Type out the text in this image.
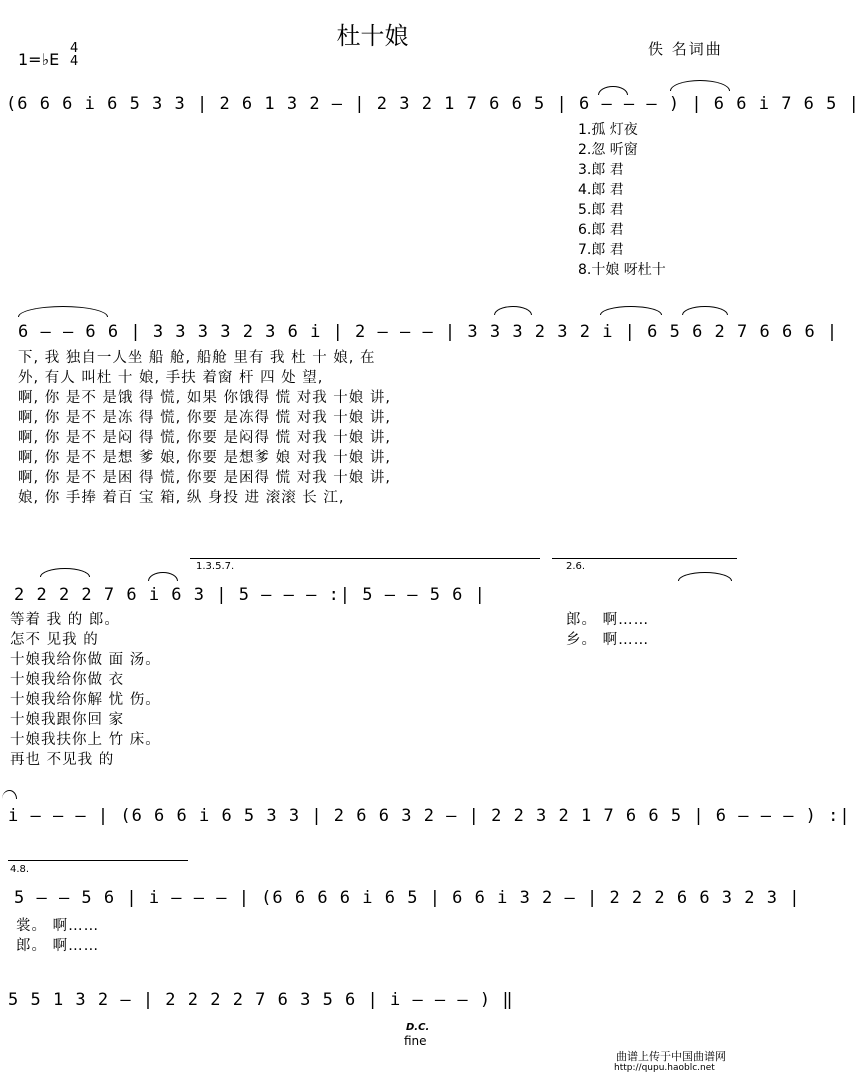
杜十娘
1=♭E
4
4
佚 名词曲
(6 6 6 i 6 5 3 3 | 2 6 1 3 2 – | 2 3 2 1 7 6 6 5 | 6 – – – ) | 6 6 i 7 6 5 |
1.孤 灯夜
2.忽 听窗
3.郎 君
4.郎 君
5.郎 君
6.郎 君
7.郎 君
8.十娘 呀杜十
6 – – 6 6 | 3 3 3 3 2 3 6 i | 2 – – – | 3 3 3 2 3 2 i | 6 5 6 2 7 6 6 6 |
下, 我 独自一人坐 船 舱, 船舱 里有 我 杜 十 娘, 在
外, 有人 叫杜 十 娘, 手扶 着窗 杆 四 处 望,
啊, 你 是不 是饿 得 慌, 如果 你饿得 慌 对我 十娘 讲,
啊, 你 是不 是冻 得 慌, 你要 是冻得 慌 对我 十娘 讲,
啊, 你 是不 是闷 得 慌, 你要 是闷得 慌 对我 十娘 讲,
啊, 你 是不 是想 爹 娘, 你要 是想爹 娘 对我 十娘 讲,
啊, 你 是不 是困 得 慌, 你要 是困得 慌 对我 十娘 讲,
娘, 你 手捧 着百 宝 箱, 纵 身投 进 滚滚 长 江,
1.3.5.7.	2.6.
2 2 2 2 7 6 i 6 3 | 5 – – – :| 5 – – 5 6 |
等着 我 的 郎。
怎不 见我 的
十娘我给你做 面 汤。
十娘我给你做 衣
十娘我给你解 忧 伤。
十娘我跟你回 家
十娘我扶你上 竹 床。
再也 不见我 的
郎。 啊……
乡。 啊……
i – – – | (6 6 6 i 6 5 3 3 | 2 6 6 3 2 – | 2 2 3 2 1 7 6 6 5 | 6 – – – ) :|
4.8.
5 – – 5 6 | i – – – | (6 6 6 6 i 6 5 | 6 6 i 3 2 – | 2 2 2 6 6 3 2 3 |
裳。 啊……
郎。 啊……
5 5 1 3 2 – | 2 2 2 2 7 6 3 5 6 | i – – – ) ‖
D.C.
fine
曲谱上传于中国曲谱网
http://qupu.haoblc.net
